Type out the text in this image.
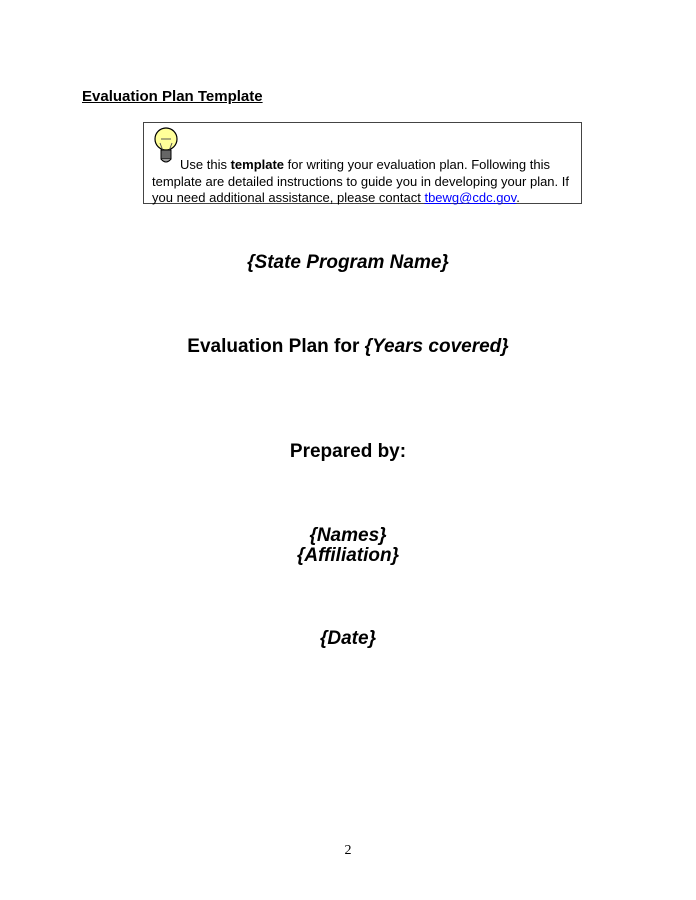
Evaluation Plan Template
Use this template for writing your evaluation plan. Following this template are detailed instructions to guide you in developing your plan. If you need additional assistance, please contact tbewg@cdc.gov.
{State Program Name}
Evaluation Plan for {Years covered}
Prepared by:
{Names}
{Affiliation}
{Date}
2
